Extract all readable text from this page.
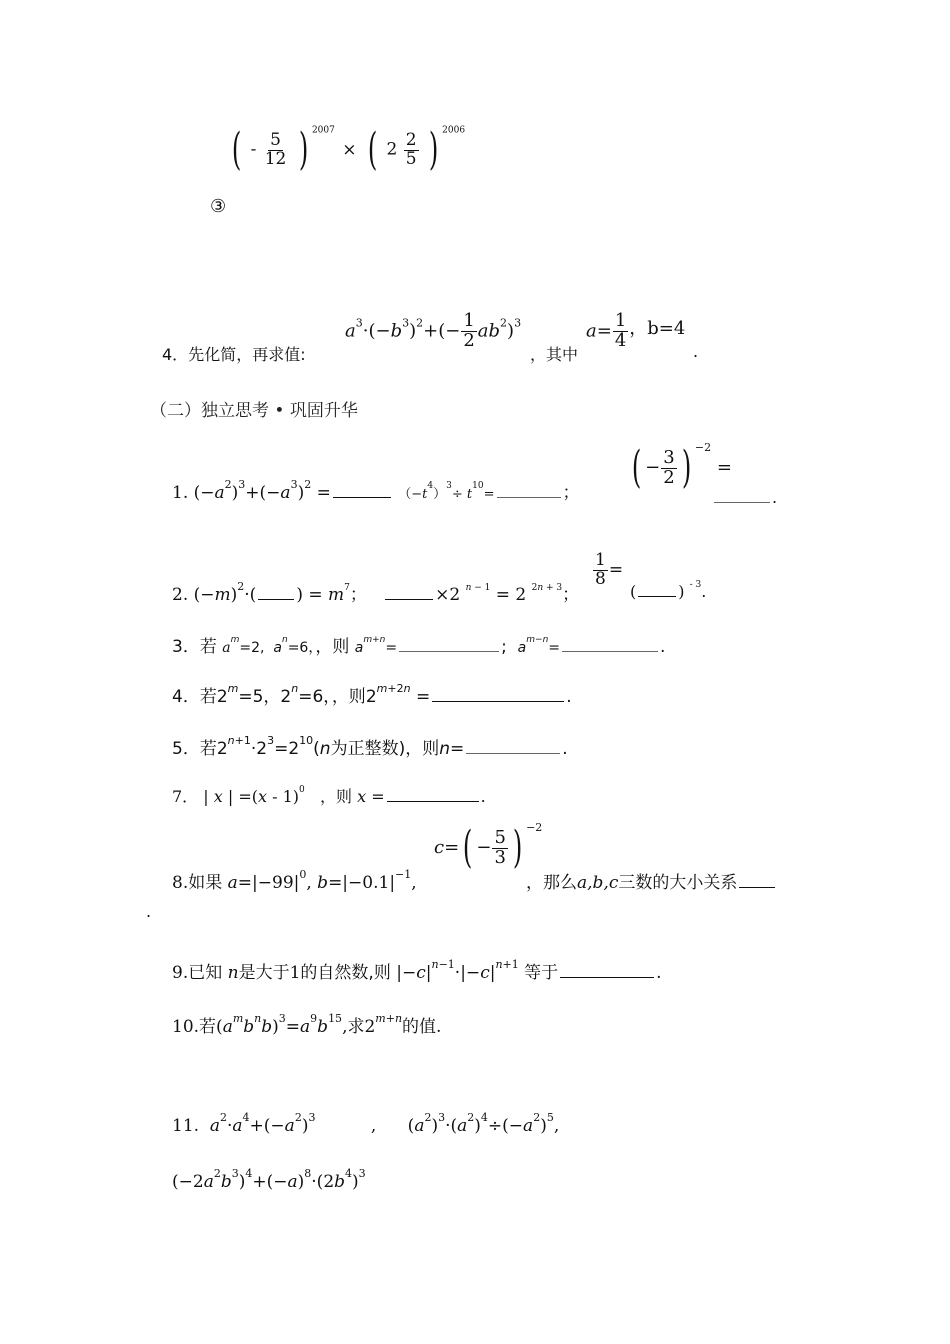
( - $\frac{5}{12}$ ) $^{2007}$ × ( $2 \frac{2}{5}$ ) $^{2006}$
③
4．先化简，再求值:
$a^3\cdot(-b^3)^2+(- \frac{1}{2} ab^2)^3$
，其中
$a= \frac{1}{4}$ ，b=4
.
（二）独立思考 • 巩固升华
1. $(-a^2)^3+(-a^3)^2$ =	$(-t^4)^3\div t^{10}=$	； ( − $\frac{3}{2}$ ) $^{-2}$ =
.
2. $(-m)^2\cdot$( ) = $m^7$；	×2 $^{n - 1}$ = 2 $^{2n + 3}$；
$\frac{1}{8}$ =
(	) $^{- 3}$.
3．若 $a^m=2$,  $a^n=6$，，则 $a^{m+n}=$	;  $a^{m-n}=$	.
4．若$2^m=5$，$2^n=6$，，则$2^{m+2n}$ =	.
5．若$2^{n+1}\cdot 2^3=2^{10}(n$为正整数)，则n=	.
7． | x | =(x - 1)$^0$ ，则 x =	.
8.如果 $a=|-99|^0$, $b=|-0.1|^{-1}$,
$c=( - \frac{5}{3}$ ) $^{-2}$
，那么a,b,c三数的大小关系
.
9.已知 n是大于1的自然数,则 $|-c|^{n-1}\cdot|-c|^{n+1}$ 等于	.
10.若$(a^mb^nb)^3=a^9b^{15}$,求$2^{m+n}$的值.
11. $a^2\cdot a^4+(-a^2)^3$	, $(a^2)^3\cdot(a^2)^4\div(-a^2)^5$,
$(-2a^2b^3)^4+(-a)^8\cdot(2b^4)^3$
